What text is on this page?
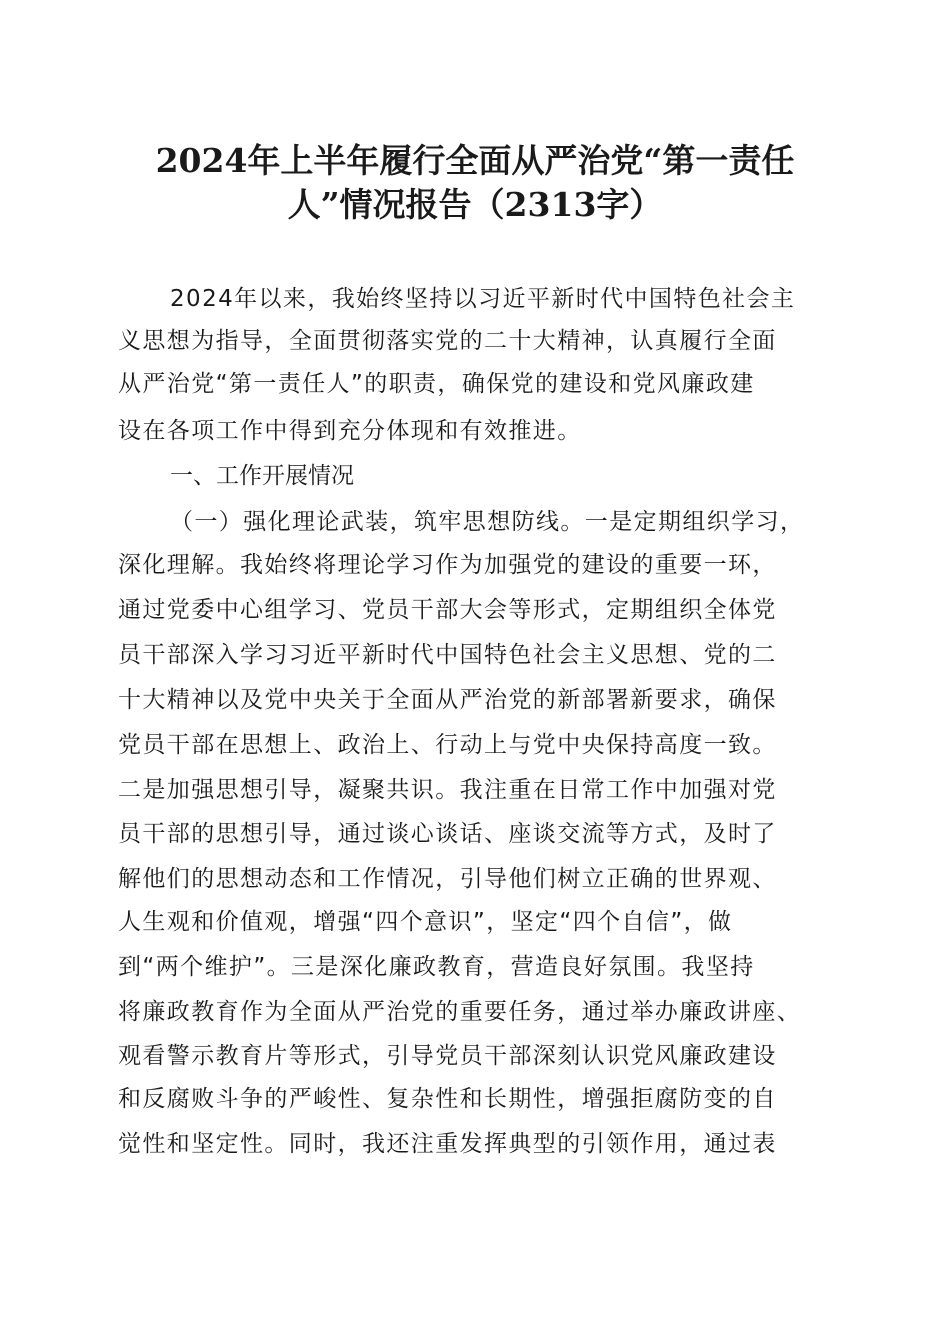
2024年上半年履行全面从严治党“第一责任
人”情况报告（2313字）
2024年以来，我始终坚持以习近平新时代中国特色社会主
义思想为指导，全面贯彻落实党的二十大精神，认真履行全面
从严治党“第一责任人”的职责，确保党的建设和党风廉政建
设在各项工作中得到充分体现和有效推进。
一、工作开展情况
（一）强化理论武装，筑牢思想防线。一是定期组织学习，
深化理解。我始终将理论学习作为加强党的建设的重要一环，
通过党委中心组学习、党员干部大会等形式，定期组织全体党
员干部深入学习习近平新时代中国特色社会主义思想、党的二
十大精神以及党中央关于全面从严治党的新部署新要求，确保
党员干部在思想上、政治上、行动上与党中央保持高度一致。
二是加强思想引导，凝聚共识。我注重在日常工作中加强对党
员干部的思想引导，通过谈心谈话、座谈交流等方式，及时了
解他们的思想动态和工作情况，引导他们树立正确的世界观、
人生观和价值观，增强“四个意识”，坚定“四个自信”，做
到“两个维护”。三是深化廉政教育，营造良好氛围。我坚持
将廉政教育作为全面从严治党的重要任务，通过举办廉政讲座、
观看警示教育片等形式，引导党员干部深刻认识党风廉政建设
和反腐败斗争的严峻性、复杂性和长期性，增强拒腐防变的自
觉性和坚定性。同时，我还注重发挥典型的引领作用，通过表
